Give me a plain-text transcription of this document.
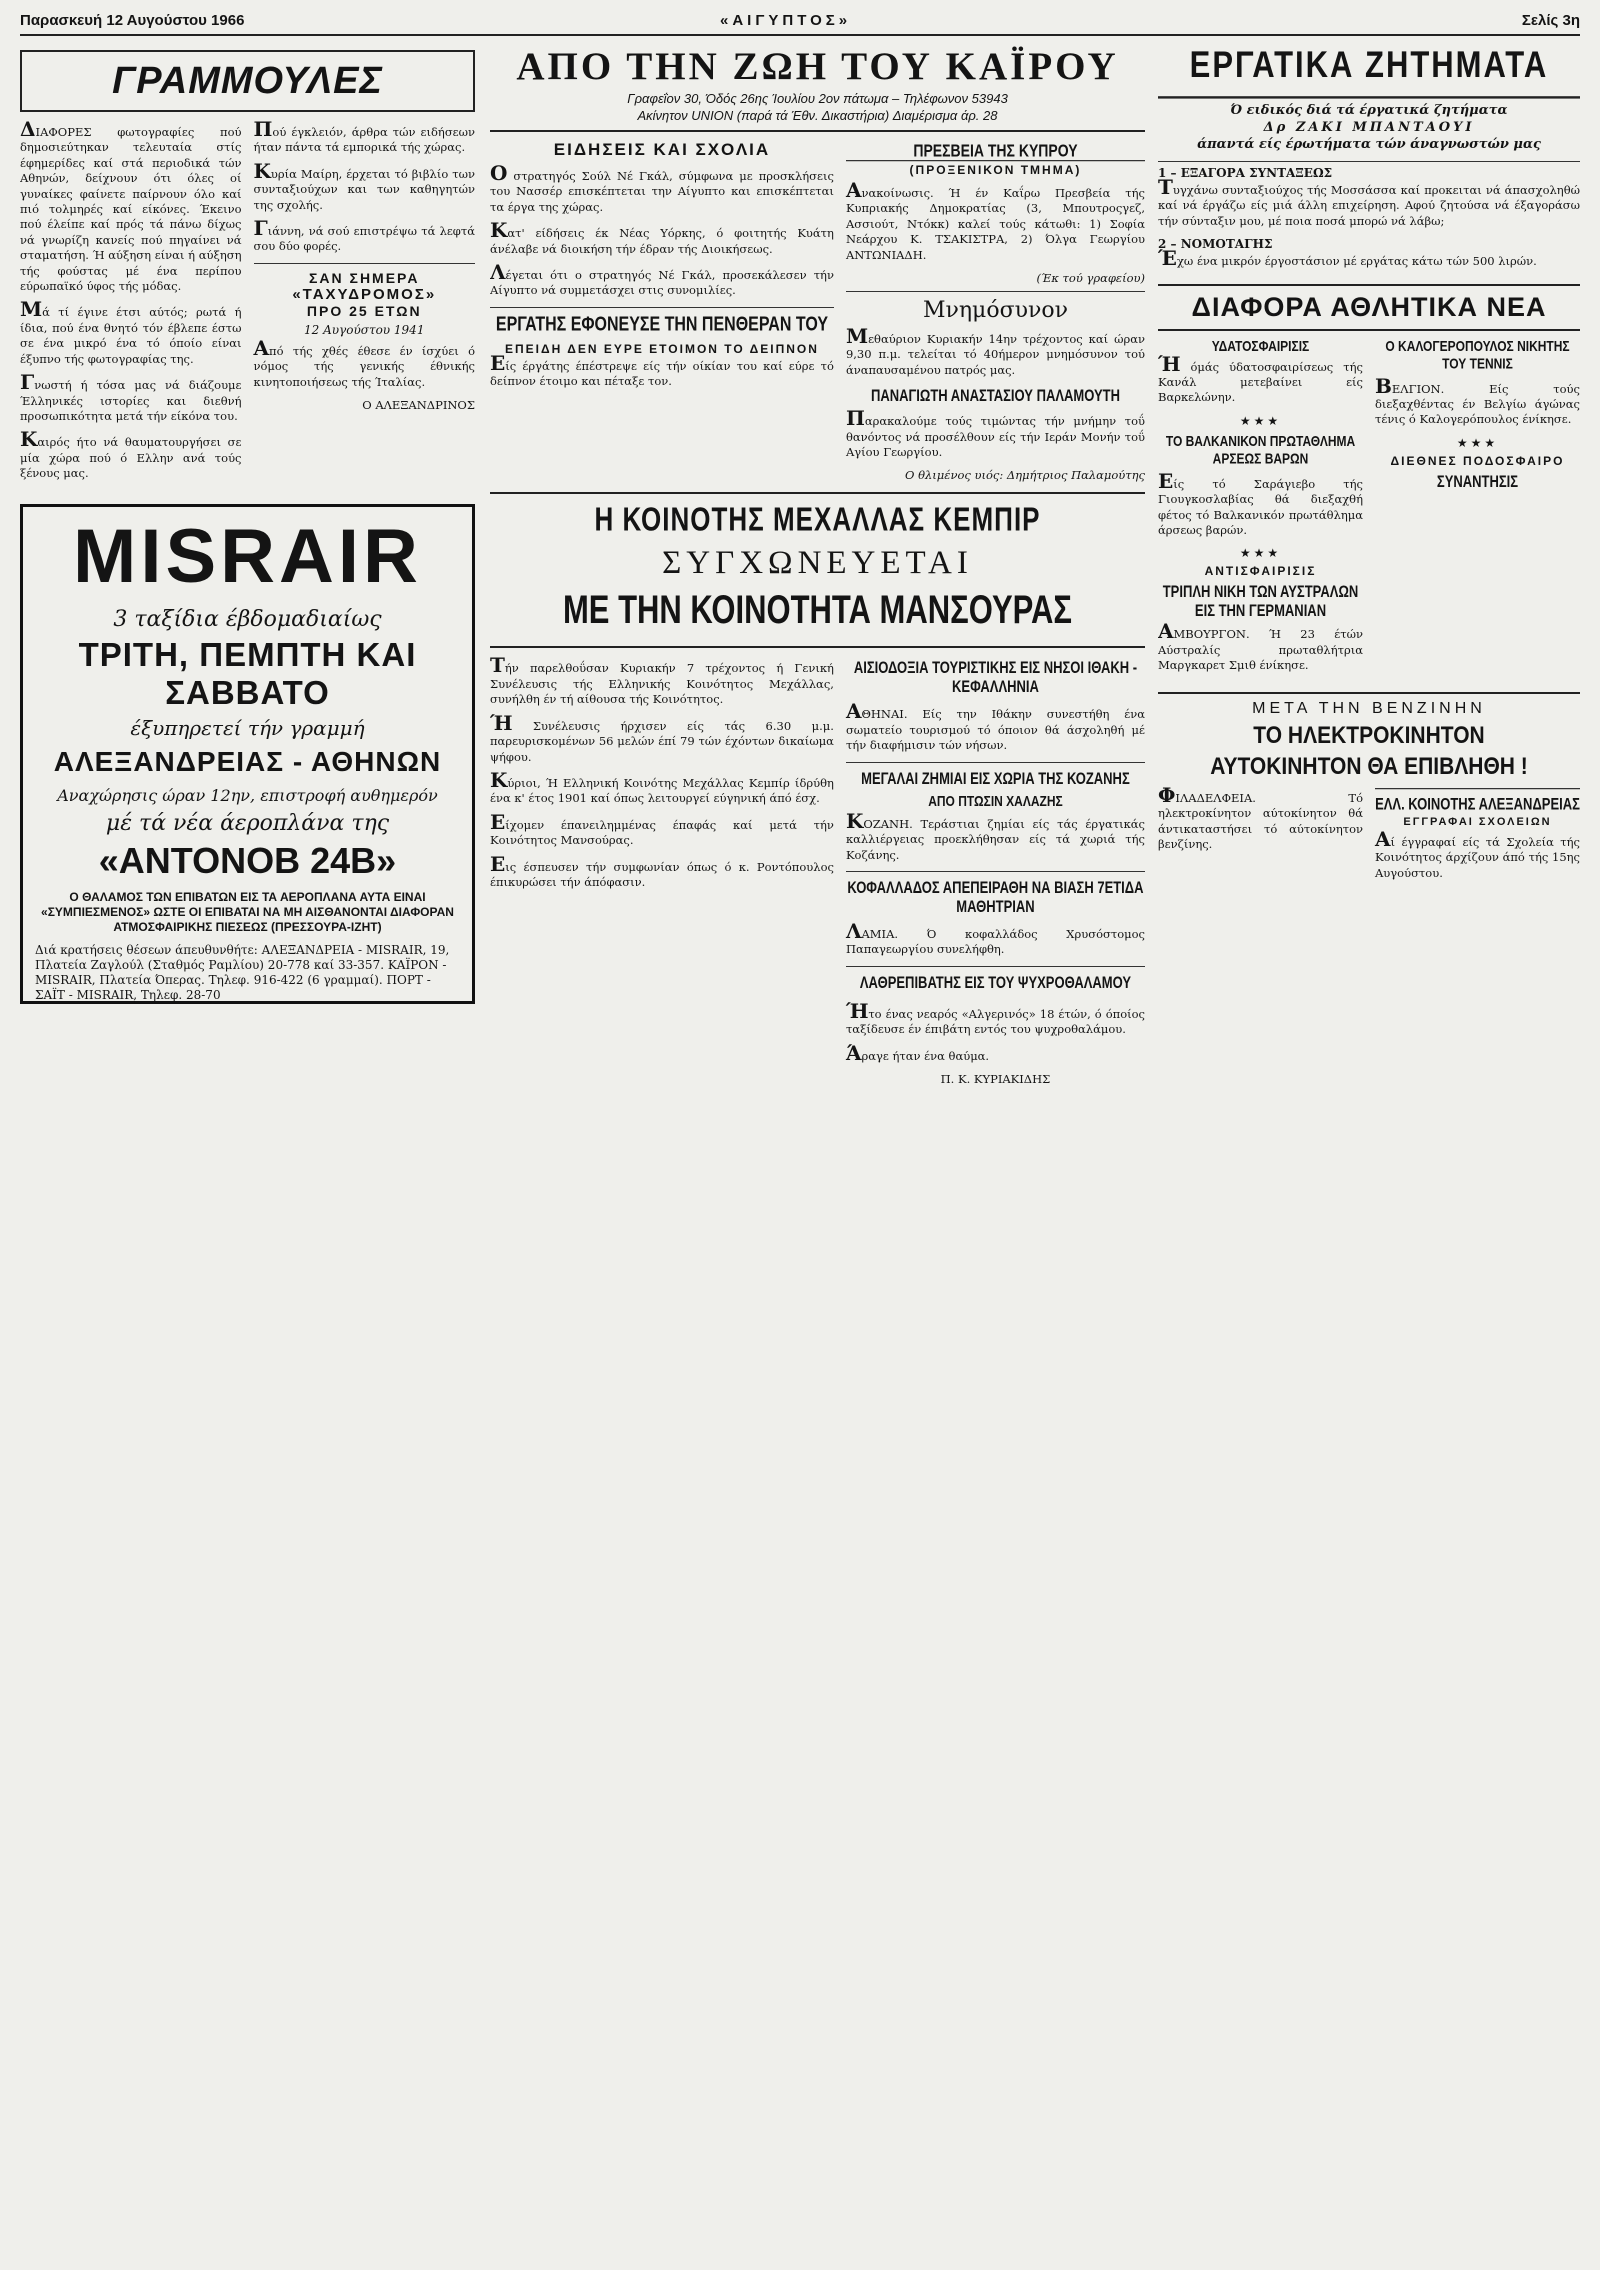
Παρασκευή 12 Αυγούστου 1966	«ΑΙΓΥΠΤΟΣ»	Σελίς 3η
ΓΡΑΜΜΟΥΛΕΣ

ΔΙΑΦΟΡΕΣ φωτογραφίες πού δημοσιεύτηκαν τελευταία στίς έφημερίδες καί στά περιοδικά τών Αθηνών, δείχνουν ότι όλες οί γυναίκες φαίνετε παίρνουν όλο καί πιό τολμηρές καί είκόνες. Έκεινο πού έλείπε καί πρός τά πάνω δίχως νά γνωρίζη κανείς πού πηγαίνει νά σταματήση. Ή αύξηση είναι ή αύξηση τής φούστας μέ ένα περίπου εύρωπαϊκό ύφος τής μόδας.

Μά τί έγινε έτσι αύτός; ρωτά ή ίδια, πού ένα θνητό τόν έβλεπε έστω σε ένα μικρό ένα τό όποίο είναι έξυπνο τής φωτογραφίας της.

Γνωστή ή τόσα μας νά διάζουμε Έλληνικές ιστορίες και διεθνή προσωπικότητα μετά τήν είκόνα του.

Καιρός ήτο νά θαυματουργήσει σε μία χώρα πού ό Ελλην ανά τούς ξένους μας.

Πού έγκλειόν, άρθρα τών ειδήσεων ήταν πάντα τά εμπορικά τής χώρας.

Κυρία Μαίρη, έρχεται τό βιβλίο των συνταξιούχων και των καθηγητών της σχολής.

Γιάννη, νά σού επιστρέψω τά λεφτά σου δύο φορές.

ΣΑΝ ΣΗΜΕΡΑ
«ΤΑΧΥΔΡΟΜΟΣ»
ΠΡΟ 25 ΕΤΩΝ
12 Αυγούστου 1941

Από τής χθές έθεσε έν ίσχύει ό νόμος τής γενικής έθνικής κινητοποιήσεως τής Ίταλίας.

Ο ΑΛΕΞΑΝΔΡΙΝΟΣ
MISRAIR
3 ταξίδια έβδομαδιαίως
ΤΡΙΤΗ, ΠΕΜΠΤΗ ΚΑΙ ΣΑΒΒΑΤΟ
έξυπηρετεί τήν γραμμή
ΑΛΕΞΑΝΔΡΕΙΑΣ - ΑΘΗΝΩΝ
Αναχώρησις ώραν 12ην, επιστροφή αυθημερόν
μέ τά νέα άεροπλάνα της
«ΑΝΤΟΝΟΒ 24Β»
Ο ΘΑΛΑΜΟΣ ΤΩΝ ΕΠΙΒΑΤΩΝ ΕΙΣ ΤΑ ΑΕΡΟΠΛΑΝΑ ΑΥΤΑ ΕΙΝΑΙ «ΣΥΜΠΙΕΣΜΕΝΟΣ» ΩΣΤΕ ΟΙ ΕΠΙΒΑΤΑΙ ΝΑ ΜΗ ΑΙΣΘΑΝΟΝΤΑΙ ΔΙΑΦΟΡΑΝ ΑΤΜΟΣΦΑΙΡΙΚΗΣ ΠΙΕΣΕΩΣ (ΠΡΕΣΣΟΥΡΑ-ΙΖΗΤ)
Διά κρατήσεις θέσεων άπευθυνθήτε: ΑΛΕΞΑΝΔΡΕΙΑ - MISRAIR, 19, Πλατεία Ζαγλούλ (Σταθμός Ραμλίου) 20-778 καί 33-357. ΚΑΪΡΟΝ - MISRAIR, Πλατεία Όπερας. Τηλεφ. 916-422 (6 γραμμαί). ΠΟΡΤ - ΣΑΪΤ - MISRAIR, Τηλεφ. 28-70
ΑΠΟ ΤΗΝ ΖΩΗ ΤΟΥ ΚΑΪΡΟΥ
Γραφεΐον 30, Όδός 26ης Ίουλίου 2ον πάτωμα – Τηλέφωνον 53943
Ακίνητον UNION (παρά τά Έθν. Δικαστήρια) Διαμέρισμα άρ. 28
ΕΙΔΗΣΕΙΣ ΚΑΙ ΣΧΟΛΙΑ

Ο στρατηγός Σούλ Νέ Γκάλ, σύμφωνα με προσκλήσεις του Νασσέρ επισκέπτεται την Αίγυπτο και επισκέπτεται τα έργα της χώρας.

Κατ' είδήσεις έκ Νέας Υόρκης, ό φοιτητής Κυάτη άνέλαβε νά διοικήση τήν έδραν τής Διοικήσεως.

Λέγεται ότι ο στρατηγός Νέ Γκάλ, προσεκάλεσεν τήν Αίγυπτο νά συμμετάσχει στις συνομιλίες.

ΕΡΓΑΤΗΣ ΕΦΟΝΕΥΣΕ ΤΗΝ ΠΕΝΘΕΡΑΝ ΤΟΥ
ΕΠΕΙΔΗ ΔΕΝ ΕΥΡΕ ΕΤΟΙΜΟΝ ΤΟ ΔΕΙΠΝΟΝ

Είς έργάτης έπέστρεψε είς τήν οίκίαν του καί εύρε τό δείπνον έτοιμο και πέταξε τον.

ΠΡΕΣΒΕΙΑ ΤΗΣ ΚΥΠΡΟΥ
(ΠΡΟΞΕΝΙΚΟΝ ΤΜΗΜΑ)

Ανακοίνωσις. Ή έν Καΐρω Πρεσβεία τής Κυπριακής Δημοκρατίας (3, Μπουτροςγεζ, Ασσιούτ, Ντόκκ) καλεί τούς κάτωθι: 1) Σοφία Νεάρχου Κ. ΤΣΑΚΙΣΤΡΑ, 2) Όλγα Γεωργίου ΑΝΤΩΝΙΑΔΗ.

(Έκ τού γραφείου)
Μνημόσυνον

Μεθαύριον Κυριακήν 14ην τρέχοντος καί ώραν 9,30 π.μ. τελείται τό 40ήμερον μνημόσυνον τού άναπαυσαμένου πατρός μας.

ΠΑΝΑΓΙΩΤΗ ΑΝΑΣΤΑΣΙΟΥ ΠΑΛΑΜΟΥΤΗ

Παρακαλούμε τούς τιμώντας τήν μνήμην τοΰ θανόντος νά προσέλθουν είς τήν Ιεράν Μονήν τοΰ Αγίου Γεωργίου.

Ο θλιμένος υιός: Δημήτριος Παλαμούτης
Η ΚΟΙΝΟΤΗΣ ΜΕΧΑΛΛΑΣ ΚΕΜΠΙΡ
ΣΥΓΧΩΝΕΥΕΤΑΙ
ΜΕ ΤΗΝ ΚΟΙΝΟΤΗΤΑ ΜΑΝΣΟΥΡΑΣ

Τήν παρελθοΰσαν Κυριακήν 7 τρέχοντος ή Γενική Συνέλευσις τής Ελληνικής Κοινότητος Μεχάλλας, συνήλθη έν τή αίθουσα τής Κοινότητος.

Ή Συνέλευσις ήρχισεν είς τάς 6.30 μ.μ. παρευρισκομένων 56 μελών έπί 79 τών έχόντων δικαίωμα ψήφου.

Κύριοι, Ή Ελληνική Κοινότης Μεχάλλας Κεμπίρ ίδρύθη ένα κ' έτος 1901 καί όπως λειτουργεί εύγηνική άπό έσχ.

Είχομεν έπανειλημμένας έπαφάς καί μετά τήν Κοινότητος Μανσούρας.

Εις έσπευσεν τήν συμφωνίαν όπως ό κ. Ροντόπουλος έπικυρώσει τήν άπόφασιν.

ΑΙΣΙΟΔΟΞΙΑ ΤΟΥΡΙΣΤΙΚΗΣ ΕΙΣ ΝΗΣΟΙ ΙΘΑΚΗ - ΚΕΦΑΛΛΗΝΙΑ

ΑΘΗΝΑΙ. Είς την Ιθάκην συνεστήθη ένα σωματείο τουρισμού τό όποιον θά άσχοληθή μέ τήν διαφήμισιν τών νήσων.

ΜΕΓΑΛΑΙ ΖΗΜΙΑΙ ΕΙΣ ΧΩΡΙΑ ΤΗΣ ΚΟΖΑΝΗΣ
ΑΠΟ ΠΤΩΣΙΝ ΧΑΛΑΖΗΣ

ΚΟΖΑΝΗ. Τεράστιαι ζημίαι είς τάς έργατικάς καλλιέργειας προεκλήθησαν είς τά χωριά τής Κοζάνης.

ΚΟΦΑΛΛΑΔΟΣ ΑΠΕΠΕΙΡΑΘΗ ΝΑ ΒΙΑΣΗ 7ΕΤΙΔΑ ΜΑΘΗΤΡΙΑΝ

ΛΑΜΙΑ. Ό κοφαλλάδος Χρυσόστομος Παπαγεωργίου συνελήφθη.

ΛΑΘΡΕΠΙΒΑΤΗΣ ΕΙΣ ΤΟΥ ΨΥΧΡΟΘΑΛΑΜΟΥ

Ήτο ένας νεαρός «Αλγερινός» 18 έτών, ό όποίος ταξίδευσε έν έπιβάτη εντός του ψυχροθαλάμου.

Άραγε ήταν ένα θαύμα.

Π. Κ. ΚΥΡΙΑΚΙΔΗΣ
ΕΡΓΑΤΙΚΑ ΖΗΤΗΜΑΤΑ
Ό ειδικός διά τά έργατικά ζητήματα
Δρ ΖΑΚΙ ΜΠΑΝΤΑΟΥΙ
άπαντά είς έρωτήματα τών άναγνωστών μας
1 – ΕΞΑΓΟΡΑ ΣΥΝΤΑΞΕΩΣ

Τυγχάνω συνταξιούχος τής Μοσσάσσα καί προκειται νά άπασχοληθώ καί νά έργάζω είς μιά άλλη επιχείρηση. Αφού ζητούσα νά έξαγοράσω τήν σύνταξιν μου, μέ ποια ποσά μπορώ νά λάβω;

2 – ΝΟΜΟΤΑΓΗΣ

Έχω ένα μικρόν έργοστάσιον μέ εργάτας κάτω τών 500 λιρών.

ΔΙΑΦΟΡΑ ΑΘΛΗΤΙΚΑ ΝΕΑ
ΥΔΑΤΟΣΦΑΙΡΙΣΙΣ

Ή όμάς ύδατοσφαιρίσεως τής Κανάλ μετεβαίνει είς Βαρκελώνην.

★★★
ΤΟ ΒΑΛΚΑΝΙΚΟΝ ΠΡΩΤΑΘΛΗΜΑ ΑΡΣΕΩΣ ΒΑΡΩΝ

Είς τό Σαράγιεβο τής Γιουγκοσλαβίας θά διεξαχθή φέτος τό Βαλκανικόν πρωτάθλημα άρσεως βαρών.

★★★
ΑΝΤΙΣΦΑΙΡΙΣΙΣ
ΤΡΙΠΛΗ ΝΙΚΗ ΤΩΝ ΑΥΣΤΡΑΛΩΝ ΕΙΣ ΤΗΝ ΓΕΡΜΑΝΙΑΝ

ΑΜΒΟΥΡΓΟΝ. Ή 23 έτών Αύστραλίς πρωταθλήτρια Μαργκαρετ Σμιθ ένίκησε.

Ο ΚΑΛΟΓΕΡΟΠΟΥΛΟΣ ΝΙΚΗΤΗΣ ΤΟΥ ΤΕΝΝΙΣ

ΒΕΛΓΙΟΝ. Είς τούς διεξαχθέντας έν Βελγίω άγώνας τένις ό Καλογερόπουλος ένίκησε.

★★★
ΔΙΕΘΝΕΣ ΠΟΔΟΣΦΑΙΡΟ
ΣΥΝΑΝΤΗΣΙΣ
ΜΕΤΑ ΤΗΝ ΒΕΝΖΙΝΗΝ
ΤΟ ΗΛΕΚΤΡΟΚΙΝΗΤΟΝ
ΑΥΤΟΚΙΝΗΤΟΝ ΘΑ ΕΠΙΒΛΗΘΗ !

ΦΙΛΑΔΕΛΦΕΙΑ. Τό ηλεκτροκίνητον αύτοκίνητον θά άντικαταστήσει τό αύτοκίνητον βενζίνης.

ΕΛΛ. ΚΟΙΝΟΤΗΣ ΑΛΕΞΑΝΔΡΕΙΑΣ
ΕΓΓΡΑΦΑΙ ΣΧΟΛΕΙΩΝ

Αί έγγραφαί είς τά Σχολεία τής Κοινότητος άρχίζουν άπό τής 15ης Αυγούστου.
